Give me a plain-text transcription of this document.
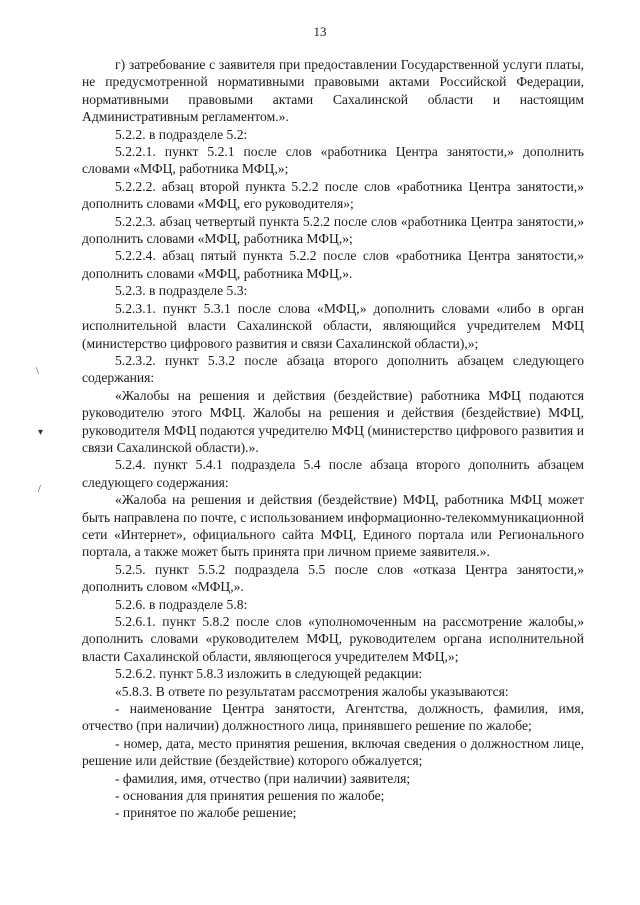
13
\
▾
/

г) затребование с заявителя при предоставлении Государственной услуги платы, не предусмотренной нормативными правовыми актами Российской Федерации, нормативными правовыми актами Сахалинской области и настоящим Административным регламентом.».

5.2.2. в подразделе 5.2:

5.2.2.1. пункт 5.2.1 после слов «работника Центра занятости,» дополнить словами «МФЦ, работника МФЦ,»;

5.2.2.2. абзац второй пункта 5.2.2 после слов «работника Центра занятости,» дополнить словами «МФЦ, его руководителя»;

5.2.2.3. абзац четвертый пункта 5.2.2 после слов «работника Центра занятости,» дополнить словами «МФЦ, работника МФЦ,»;

5.2.2.4. абзац пятый пункта 5.2.2 после слов «работника Центра занятости,» дополнить словами «МФЦ, работника МФЦ,».

5.2.3. в подразделе 5.3:

5.2.3.1. пункт 5.3.1 после слова «МФЦ,» дополнить словами «либо в орган исполнительной власти Сахалинской области, являющийся учредителем МФЦ (министерство цифрового развития и связи Сахалинской области),»;

5.2.3.2. пункт 5.3.2 после абзаца второго дополнить абзацем следующего содержания:

«Жалобы на решения и действия (бездействие) работника МФЦ подаются руководителю этого МФЦ. Жалобы на решения и действия (бездействие) МФЦ, руководителя МФЦ подаются учредителю МФЦ (министерство цифрового развития и связи Сахалинской области).».

5.2.4. пункт 5.4.1 подраздела 5.4 после абзаца второго дополнить абзацем следующего содержания:

«Жалоба на решения и действия (бездействие) МФЦ, работника МФЦ может быть направлена по почте, с использованием информационно-телекоммуникационной сети «Интернет», официального сайта МФЦ, Единого портала или Регионального портала, а также может быть принята при личном приеме заявителя.».

5.2.5. пункт 5.5.2 подраздела 5.5 после слов «отказа Центра занятости,» дополнить словом «МФЦ,».

5.2.6. в подразделе 5.8:

5.2.6.1. пункт 5.8.2 после слов «уполномоченным на рассмотрение жалобы,» дополнить словами «руководителем МФЦ, руководителем органа исполнительной власти Сахалинской области, являющегося учредителем МФЦ,»;

5.2.6.2. пункт 5.8.3 изложить в следующей редакции:

«5.8.3. В ответе по результатам рассмотрения жалобы указываются:

- наименование Центра занятости, Агентства, должность, фамилия, имя, отчество (при наличии) должностного лица, принявшего решение по жалобе;

- номер, дата, место принятия решения, включая сведения о должностном лице, решение или действие (бездействие) которого обжалуется;

- фамилия, имя, отчество (при наличии) заявителя;

- основания для принятия решения по жалобе;

- принятое по жалобе решение;
